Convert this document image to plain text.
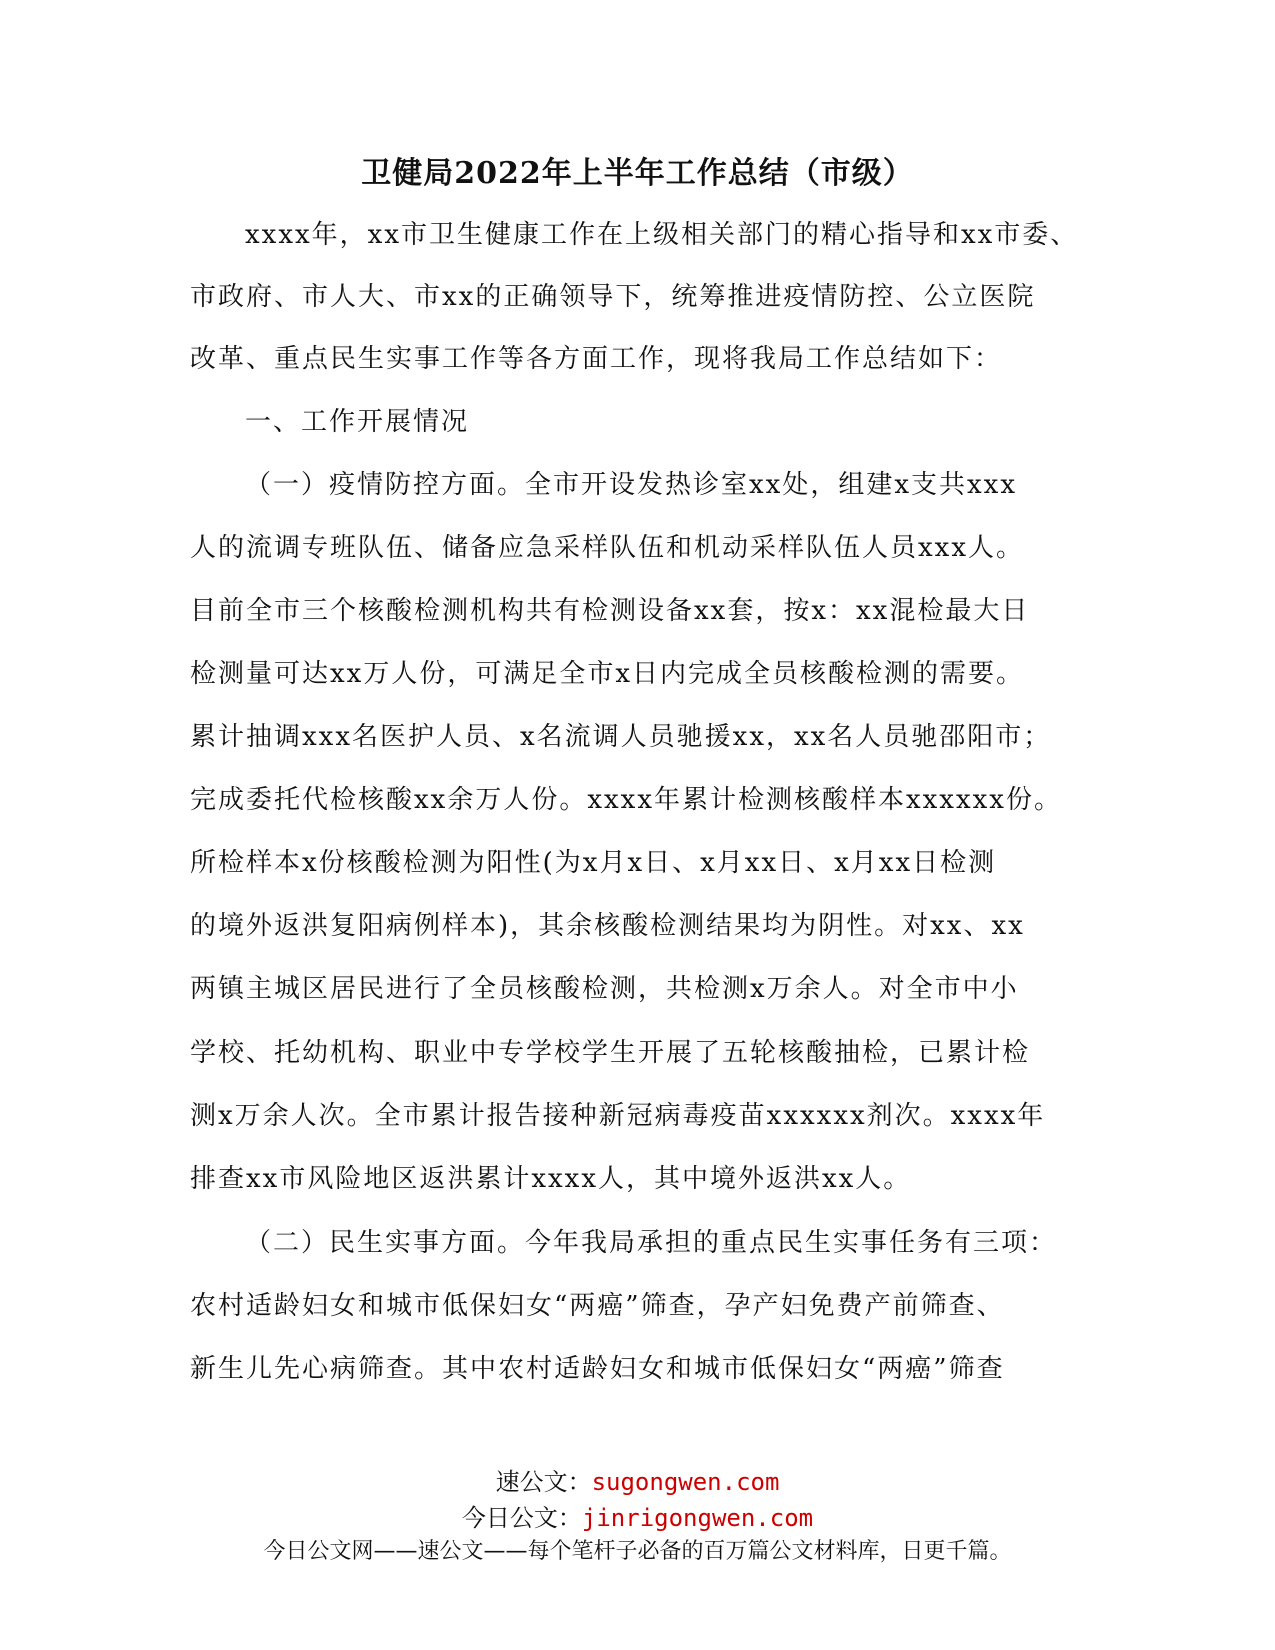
卫健局2022年上半年工作总结（市级）
xxxx年，xx市卫生健康工作在上级相关部门的精心指导和xx市委、
市政府、市人大、市xx的正确领导下，统筹推进疫情防控、公立医院
改革、重点民生实事工作等各方面工作，现将我局工作总结如下：
一、工作开展情况
（一）疫情防控方面。全市开设发热诊室xx处，组建x支共xxx
人的流调专班队伍、储备应急采样队伍和机动采样队伍人员xxx人。
目前全市三个核酸检测机构共有检测设备xx套，按x：xx混检最大日
检测量可达xx万人份，可满足全市x日内完成全员核酸检测的需要。
累计抽调xxx名医护人员、x名流调人员驰援xx，xx名人员驰邵阳市；
完成委托代检核酸xx余万人份。xxxx年累计检测核酸样本xxxxxx份。
所检样本x份核酸检测为阳性(为x月x日、x月xx日、x月xx日检测
的境外返洪复阳病例样本)，其余核酸检测结果均为阴性。对xx、xx
两镇主城区居民进行了全员核酸检测，共检测x万余人。对全市中小
学校、托幼机构、职业中专学校学生开展了五轮核酸抽检，已累计检
测x万余人次。全市累计报告接种新冠病毒疫苗xxxxxx剂次。xxxx年
排查xx市风险地区返洪累计xxxx人，其中境外返洪xx人。
（二）民生实事方面。今年我局承担的重点民生实事任务有三项：
农村适龄妇女和城市低保妇女“两癌”筛查，孕产妇免费产前筛查、
新生儿先心病筛查。其中农村适龄妇女和城市低保妇女“两癌”筛查
速公文：sugongwen.com
今日公文：jinrigongwen.com
今日公文网——速公文——每个笔杆子必备的百万篇公文材料库，日更千篇。
